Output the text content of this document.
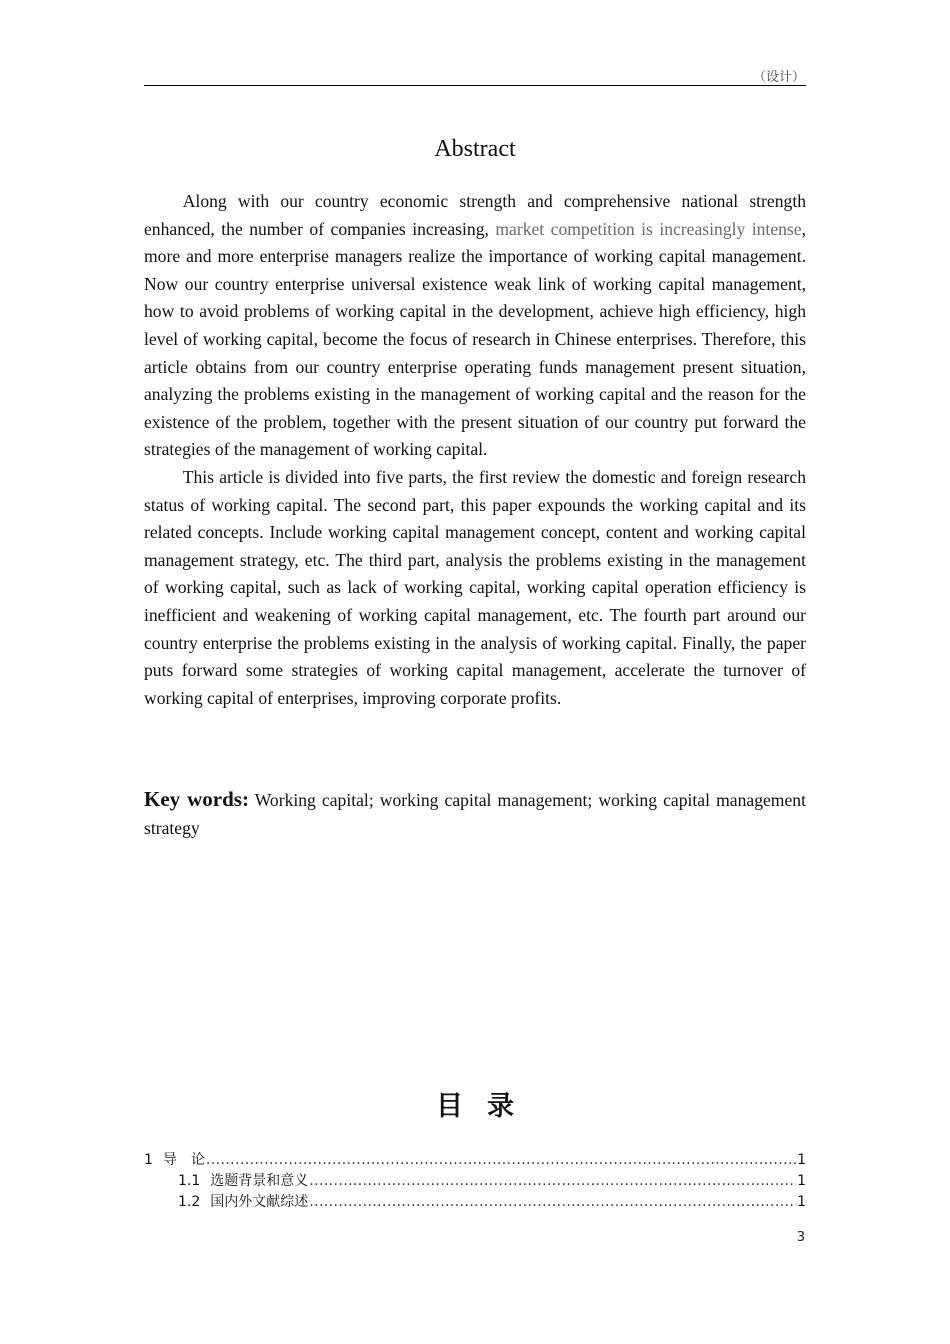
（设计）
Abstract

Along with our country economic strength and comprehensive national strength enhanced, the number of companies increasing, market competition is increasingly intense, more and more enterprise managers realize the importance of working capital management. Now our country enterprise universal existence weak link of working capital management, how to avoid problems of working capital in the development, achieve high efficiency, high level of working capital, become the focus of research in Chinese enterprises. Therefore, this article obtains from our country enterprise operating funds management present situation, analyzing the problems existing in the management of working capital and the reason for the existence of the problem, together with the present situation of our country put forward the strategies of the management of working capital.

This article is divided into five parts, the first review the domestic and foreign research status of working capital. The second part, this paper expounds the working capital and its related concepts. Include working capital management concept, content and working capital management strategy, etc. The third part, analysis the problems existing in the management of working capital, such as lack of working capital, working capital operation efficiency is inefficient and weakening of working capital management, etc. The fourth part around our country enterprise the problems existing in the analysis of working capital. Finally, the paper puts forward some strategies of working capital management, accelerate the turnover of working capital of enterprises, improving corporate profits.

Key words: Working capital; working capital management; working capital management strategy
目录
1 导　论 .....	1
1.1 选题背景和意义 .....	1
1.2 国内外文献综述 .....	1
3
